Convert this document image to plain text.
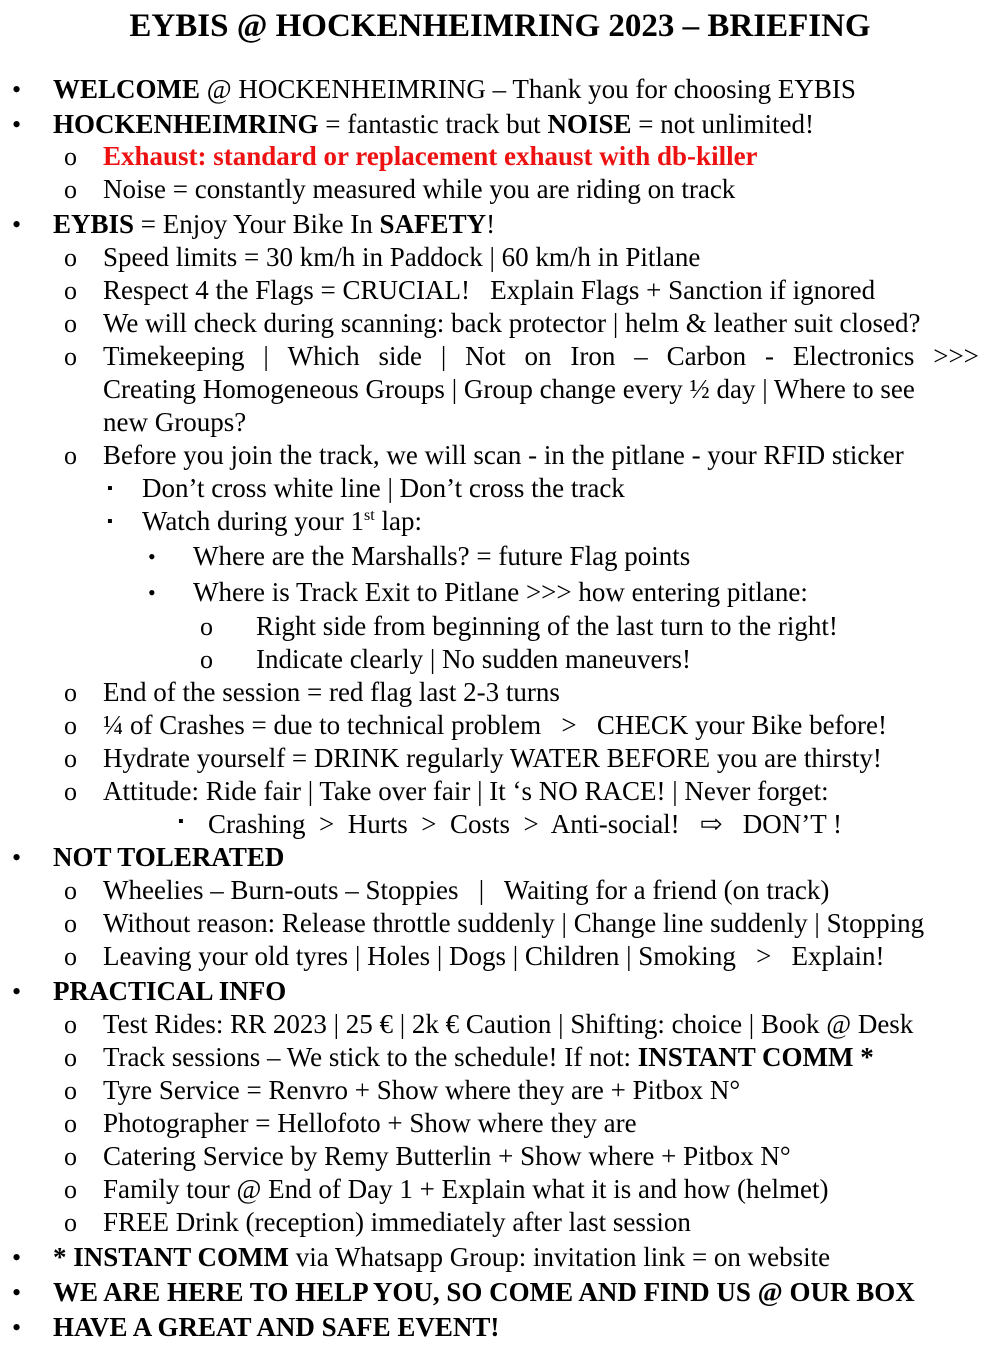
EYBIS @ HOCKENHEIMRING 2023 – BRIEFING
•
•
o
o
•
o
o
o
o
o
▪
▪
•
•
o
o
o
o
o
o
▪
•
o
o
o
•
o
o
o
o
o
o
o
•
•
•
WELCOME @ HOCKENHEIMRING – Thank you for choosing EYBIS
HOCKENHEIMRING = fantastic track but NOISE = not unlimited!
Exhaust: standard or replacement exhaust with db-killer
Noise = constantly measured while you are riding on track
EYBIS = Enjoy Your Bike In SAFETY!
Speed limits = 30 km/h in Paddock | 60 km/h in Pitlane
Respect 4 the Flags = CRUCIAL!   Explain Flags + Sanction if ignored
We will check during scanning: back protector | helm & leather suit closed?
Timekeeping | Which side | Not on Iron – Carbon - Electronics >>>
Creating Homogeneous Groups | Group change every ½ day | Where to see
new Groups?
Before you join the track, we will scan - in the pitlane - your RFID sticker
Don’t cross white line | Don’t cross the track
Watch during your 1st lap:
Where are the Marshalls? = future Flag points
Where is Track Exit to Pitlane >>> how entering pitlane:
Right side from beginning of the last turn to the right!
Indicate clearly | No sudden maneuvers!
End of the session = red flag last 2-3 turns
¼ of Crashes = due to technical problem   >   CHECK your Bike before!
Hydrate yourself = DRINK regularly WATER BEFORE you are thirsty!
Attitude: Ride fair | Take over fair | It ‘s NO RACE! | Never forget:
Crashing  >  Hurts  >  Costs  >  Anti-social!   ⇨   DON’T !
NOT TOLERATED
Wheelies – Burn-outs – Stoppies   |   Waiting for a friend (on track)
Without reason: Release throttle suddenly | Change line suddenly | Stopping
Leaving your old tyres | Holes | Dogs | Children | Smoking   >   Explain!
PRACTICAL INFO
Test Rides: RR 2023 | 25 € | 2k € Caution | Shifting: choice | Book @ Desk
Track sessions – We stick to the schedule! If not: INSTANT COMM *
Tyre Service = Renvro + Show where they are + Pitbox N°
Photographer = Hellofoto + Show where they are
Catering Service by Remy Butterlin + Show where + Pitbox N°
Family tour @ End of Day 1 + Explain what it is and how (helmet)
FREE Drink (reception) immediately after last session
* INSTANT COMM via Whatsapp Group: invitation link = on website
WE ARE HERE TO HELP YOU, SO COME AND FIND US @ OUR BOX
HAVE A GREAT AND SAFE EVENT!
